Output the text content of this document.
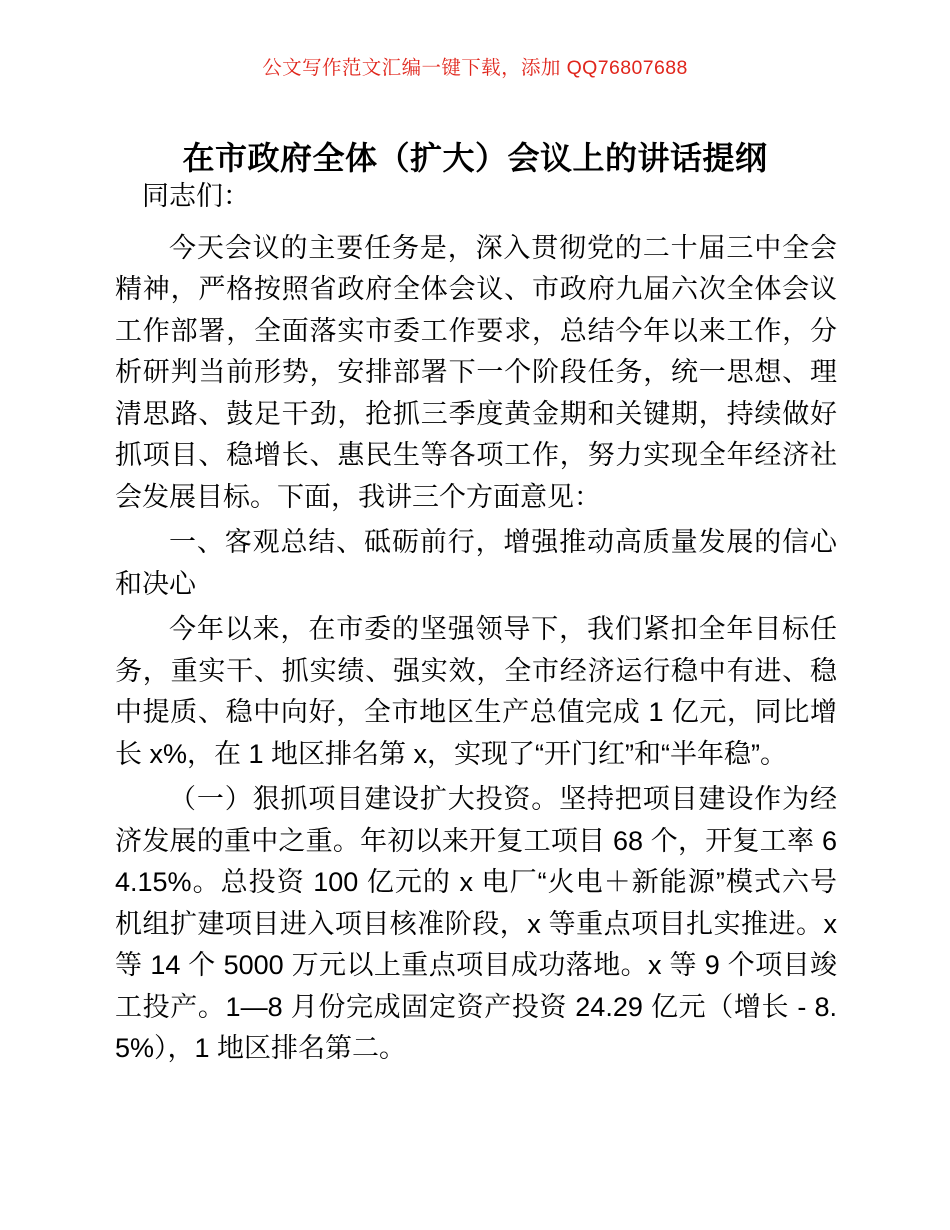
公文写作范文汇编一键下载，添加 QQ76807688
在市政府全体（扩大）会议上的讲话提纲

同志们：

今天会议的主要任务是，深入贯彻党的二十届三中全会精神，严格按照省政府全体会议、市政府九届六次全体会议工作部署，全面落实市委工作要求，总结今年以来工作，分析研判当前形势，安排部署下一个阶段任务，统一思想、理清思路、鼓足干劲，抢抓三季度黄金期和关键期，持续做好抓项目、稳增长、惠民生等各项工作，努力实现全年经济社会发展目标。下面，我讲三个方面意见：

一、客观总结、砥砺前行，增强推动高质量发展的信心和决心

今年以来，在市委的坚强领导下，我们紧扣全年目标任务，重实干、抓实绩、强实效，全市经济运行稳中有进、稳中提质、稳中向好，全市地区生产总值完成 1 亿元，同比增长 x%，在 1 地区排名第 x，实现了“开门红”和“半年稳”。

（一）狠抓项目建设扩大投资。坚持把项目建设作为经济发展的重中之重。年初以来开复工项目 68 个，开复工率 64.15%。总投资 100 亿元的 x 电厂“火电＋新能源”模式六号机组扩建项目进入项目核准阶段，x 等重点项目扎实推进。x 等 14 个 5000 万元以上重点项目成功落地。x 等 9 个项目竣工投产。1—8 月份完成固定资产投资 24.29 亿元（增长 - 8.5%），1 地区排名第二。
